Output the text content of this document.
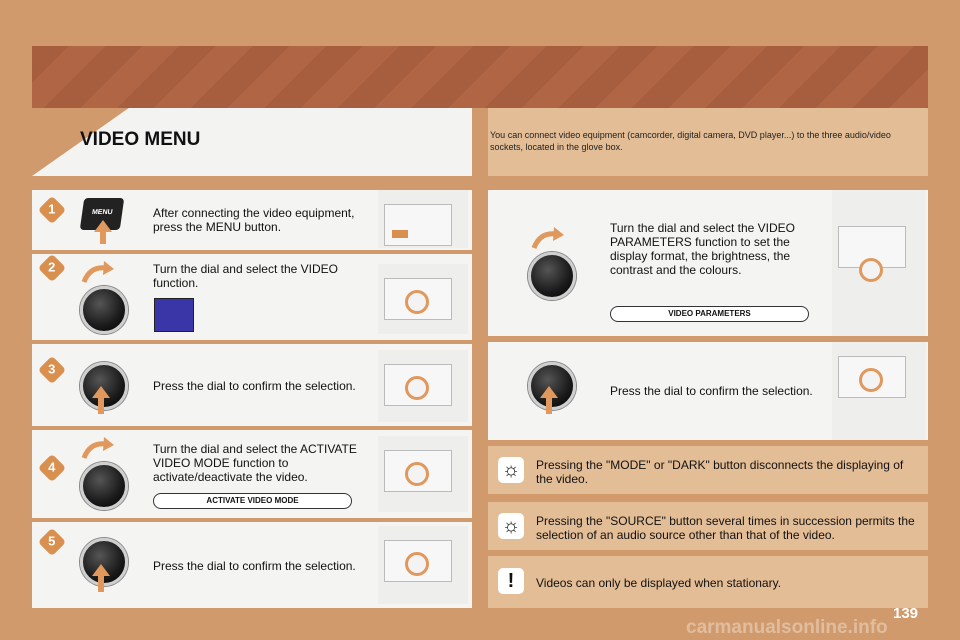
VIDEO MENU	You can connect video equipment (camcorder, digital camera, DVD player...) to the three audio/video sockets, located in the glove box.
1	MENU	After connecting the video equipment, press the MENU button.
2	Turn the dial and select the VIDEO function.
3
Press the dial to confirm the selection.
4
Turn the dial and select the ACTIVATE VIDEO MODE function to activate/deactivate the video.
ACTIVATE VIDEO MODE
5
Press the dial to confirm the selection.
Turn the dial and select the VIDEO PARAMETERS function to set the display format, the brightness, the contrast and the colours.
VIDEO PARAMETERS
Press the dial to confirm the selection.
☼	Pressing the "MODE" or "DARK" button disconnects the displaying of the video.
☼	Pressing the "SOURCE" button several times in succession permits the selection of an audio source other than that of the video.
!	Videos can only be displayed when stationary.
139
carmanualsonline.info
